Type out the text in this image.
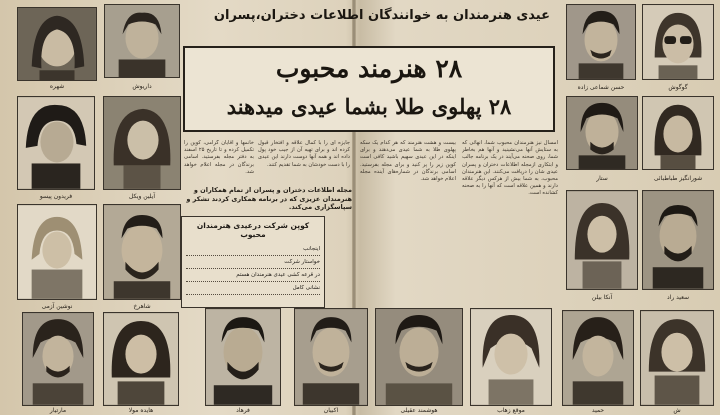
عیدی هنرمندان به خوانندگان اطلاعات دختران،پسران
۲۸ هنرمند محبوب
۲۸ پهلوی طلا بشما عیدی میدهند
شهره	داریوش
فریدون پیسو	آیلین ویکل
نوشین آزمی	شاهرخ
حسن شماعی زاده	گوگوش
ستار	شورانگیز طباطبائی
آنکا بیلن	سعید راد
امسال نیز هنرمندان محبوب شما، آنهائی که به ستایش آنها می‌نشینید و آنها هم بخاطر شما، روی صحنه می‌آیند در یک برنامه جالب و ابتکاری ازمجله اطلاعات دختران و پسران عیدی شان را دریافت می‌کنند. این هنرمندان محبوب، به شما بیش از هرکس دیگر علاقه دارند و همین علاقه است که آنها را به صحنه کشانده است.
بیست و هشت هنرمند که هر کدام یک سکه پهلوی طلا به شما عیدی می‌دهند و برای اینکه در این عیدی سهیم باشید کافی است کوپن زیر را پر کنید و برای مجله بفرستید. اسامی برندگان در شماره‌های آینده مجله اعلام خواهد شد.
جایزه ای را با کمال علاقه و افتخار قبول کرده اند و برای تهیه آن از جیب خود پول داده اند و همه آنها دوست دارند این عیدی را با دست خودشان به شما تقدیم کنند.
خانمها و آقایان گرامی، کوپن را تکمیل کرده و تا تاریخ ۲۵ اسفند به دفتر مجله بفرستید. اسامی برندگان در مجله اعلام خواهد شد.
مجله اطلاعات دختران و پسران از تمام همکاران و هنرمندان عزیزی که در برنامه همکاری کردند تشکر و سپاسگزاری می‌کند.
کوپن شرکت درعیدی هنرمندان محبوب
اینجانب
خواستار شرکت
در قرعه کشی عیدی هنرمندان هستم
نشانی کامل
مارتیار	هایده مولا	فرهاد	اکبیان	هوشمند عقیلی	موقع زهاب	حمید	ش
